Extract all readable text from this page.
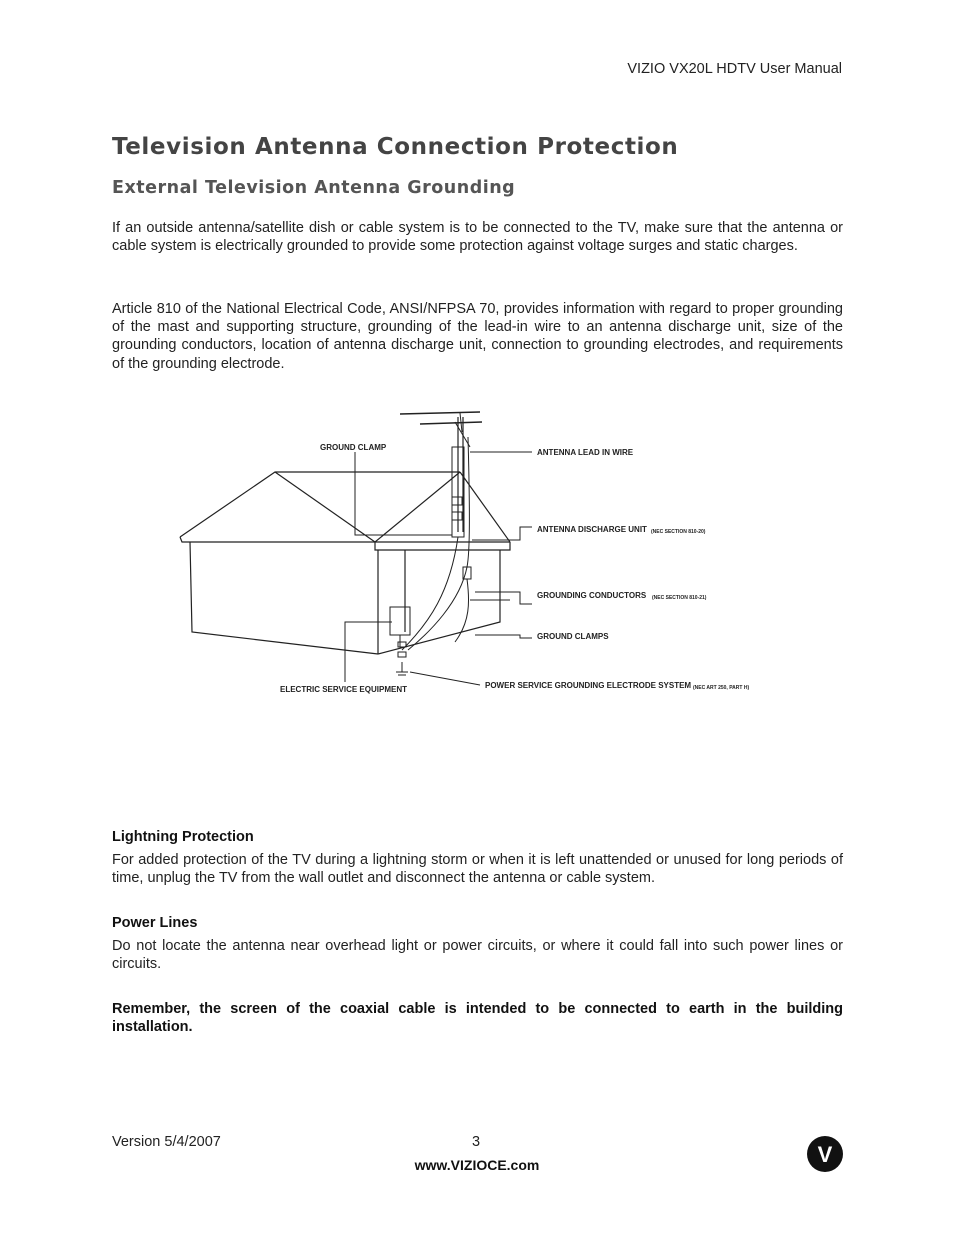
VIZIO VX20L HDTV User Manual
Television Antenna Connection Protection
External Television Antenna Grounding
If an outside antenna/satellite dish or cable system is to be connected to the TV, make sure that the antenna or cable system is electrically grounded to provide some protection against voltage surges and static charges.
Article 810 of the National Electrical Code, ANSI/NFPSA 70, provides information with regard to proper grounding of the mast and supporting structure, grounding of the lead-in wire to an antenna discharge unit, size of the grounding conductors, location of antenna discharge unit, connection to grounding electrodes, and requirements of the grounding electrode.
GROUND CLAMP
ANTENNA LEAD IN WIRE
ANTENNA DISCHARGE UNIT (NEC SECTION 810-20)
GROUNDING CONDUCTORS (NEC SECTION 810-21)
GROUND CLAMPS
POWER SERVICE GROUNDING ELECTRODE SYSTEM (NEC ART 250, PART H)
ELECTRIC SERVICE EQUIPMENT
Lightning Protection
For added protection of the TV during a lightning storm or when it is left unattended or unused for long periods of time, unplug the TV from the wall outlet and disconnect the antenna or cable system.
Power Lines
Do not locate the antenna near overhead light or power circuits, or where it could fall into such power lines or circuits.
Remember, the screen of the coaxial cable is intended to be connected to earth in the building installation.
Version 5/4/2007	3
www.VIZIOCE.com	V
